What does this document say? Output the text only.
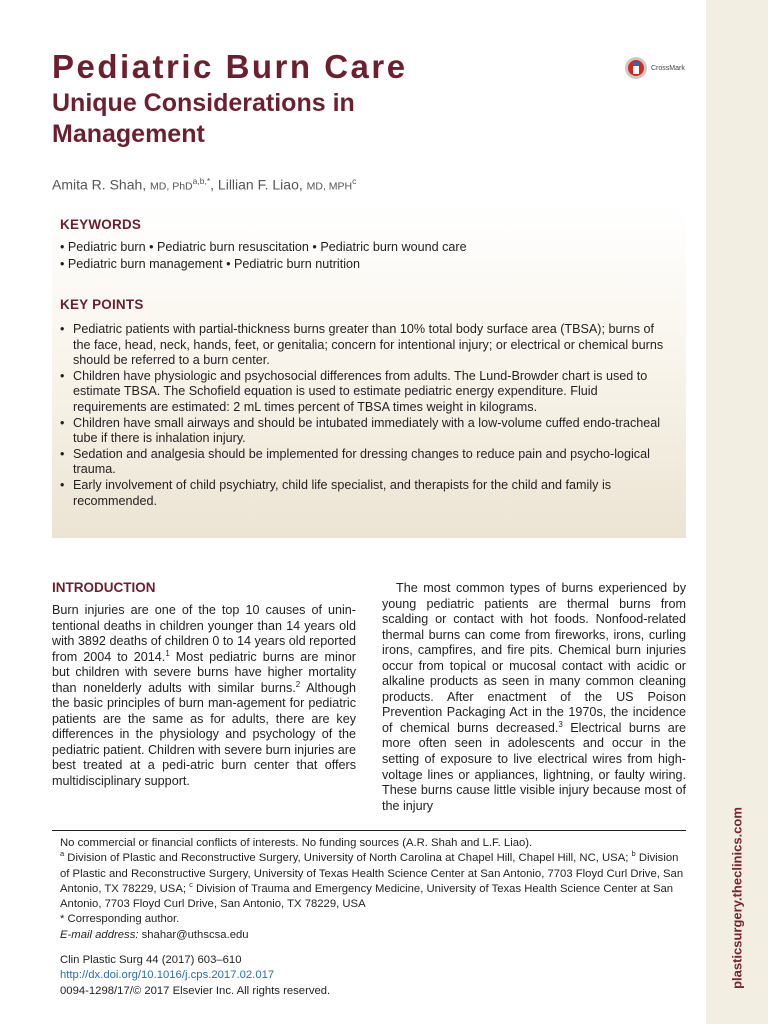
plasticsurgery.theclinics.com
Pediatric Burn Care
Unique Considerations in Management
CrossMark
Amita R. Shah, MD, PhD$^{a,b,*}$, Lillian F. Liao, MD, MPH$^c$
KEYWORDS
• Pediatric burn • Pediatric burn resuscitation • Pediatric burn wound care
• Pediatric burn management • Pediatric burn nutrition
KEY POINTS
• Pediatric patients with partial-thickness burns greater than 10% total body surface area (TBSA); burns of the face, head, neck, hands, feet, or genitalia; concern for intentional injury; or electrical or chemical burns should be referred to a burn center.
• Children have physiologic and psychosocial differences from adults. The Lund-Browder chart is used to estimate TBSA. The Schofield equation is used to estimate pediatric energy expenditure. Fluid requirements are estimated: 2 mL times percent of TBSA times weight in kilograms.
• Children have small airways and should be intubated immediately with a low-volume cuffed endo-tracheal tube if there is inhalation injury.
• Sedation and analgesia should be implemented for dressing changes to reduce pain and psycho-logical trauma.
• Early involvement of child psychiatry, child life specialist, and therapists for the child and family is recommended.
INTRODUCTION

Burn injuries are one of the top 10 causes of unin-tentional deaths in children younger than 14 years old with 3892 deaths of children 0 to 14 years old reported from 2004 to 2014.$^1$ Most pediatric burns are minor but children with severe burns have higher mortality than nonelderly adults with similar burns.$^2$ Although the basic principles of burn man-agement for pediatric patients are the same as for adults, there are key differences in the physiology and psychology of the pediatric patient. Children with severe burn injuries are best treated at a pedi-atric burn center that offers multidisciplinary support.

The most common types of burns experienced by young pediatric patients are thermal burns from scalding or contact with hot foods. Nonfood-related thermal burns can come from fireworks, irons, curling irons, campfires, and fire pits. Chemical burn injuries occur from topical or mucosal contact with acidic or alkaline products as seen in many common cleaning products. After enactment of the US Poison Prevention Packaging Act in the 1970s, the incidence of chemical burns decreased.$^3$ Electrical burns are more often seen in adolescents and occur in the setting of exposure to live electrical wires from high-voltage lines or appliances, lightning, or faulty wiring. These burns cause little visible injury because most of the injury

No commercial or financial conflicts of interests. No funding sources (A.R. Shah and L.F. Liao).

$^a$ Division of Plastic and Reconstructive Surgery, University of North Carolina at Chapel Hill, Chapel Hill, NC, USA; $^b$ Division of Plastic and Reconstructive Surgery, University of Texas Health Science Center at San Antonio, 7703 Floyd Curl Drive, San Antonio, TX 78229, USA; $^c$ Division of Trauma and Emergency Medicine, University of Texas Health Science Center at San Antonio, 7703 Floyd Curl Drive, San Antonio, TX 78229, USA

* Corresponding author.

E-mail address: shahar@uthscsa.edu

Clin Plastic Surg 44 (2017) 603–610
http://dx.doi.org/10.1016/j.cps.2017.02.017
0094-1298/17/© 2017 Elsevier Inc. All rights reserved.
